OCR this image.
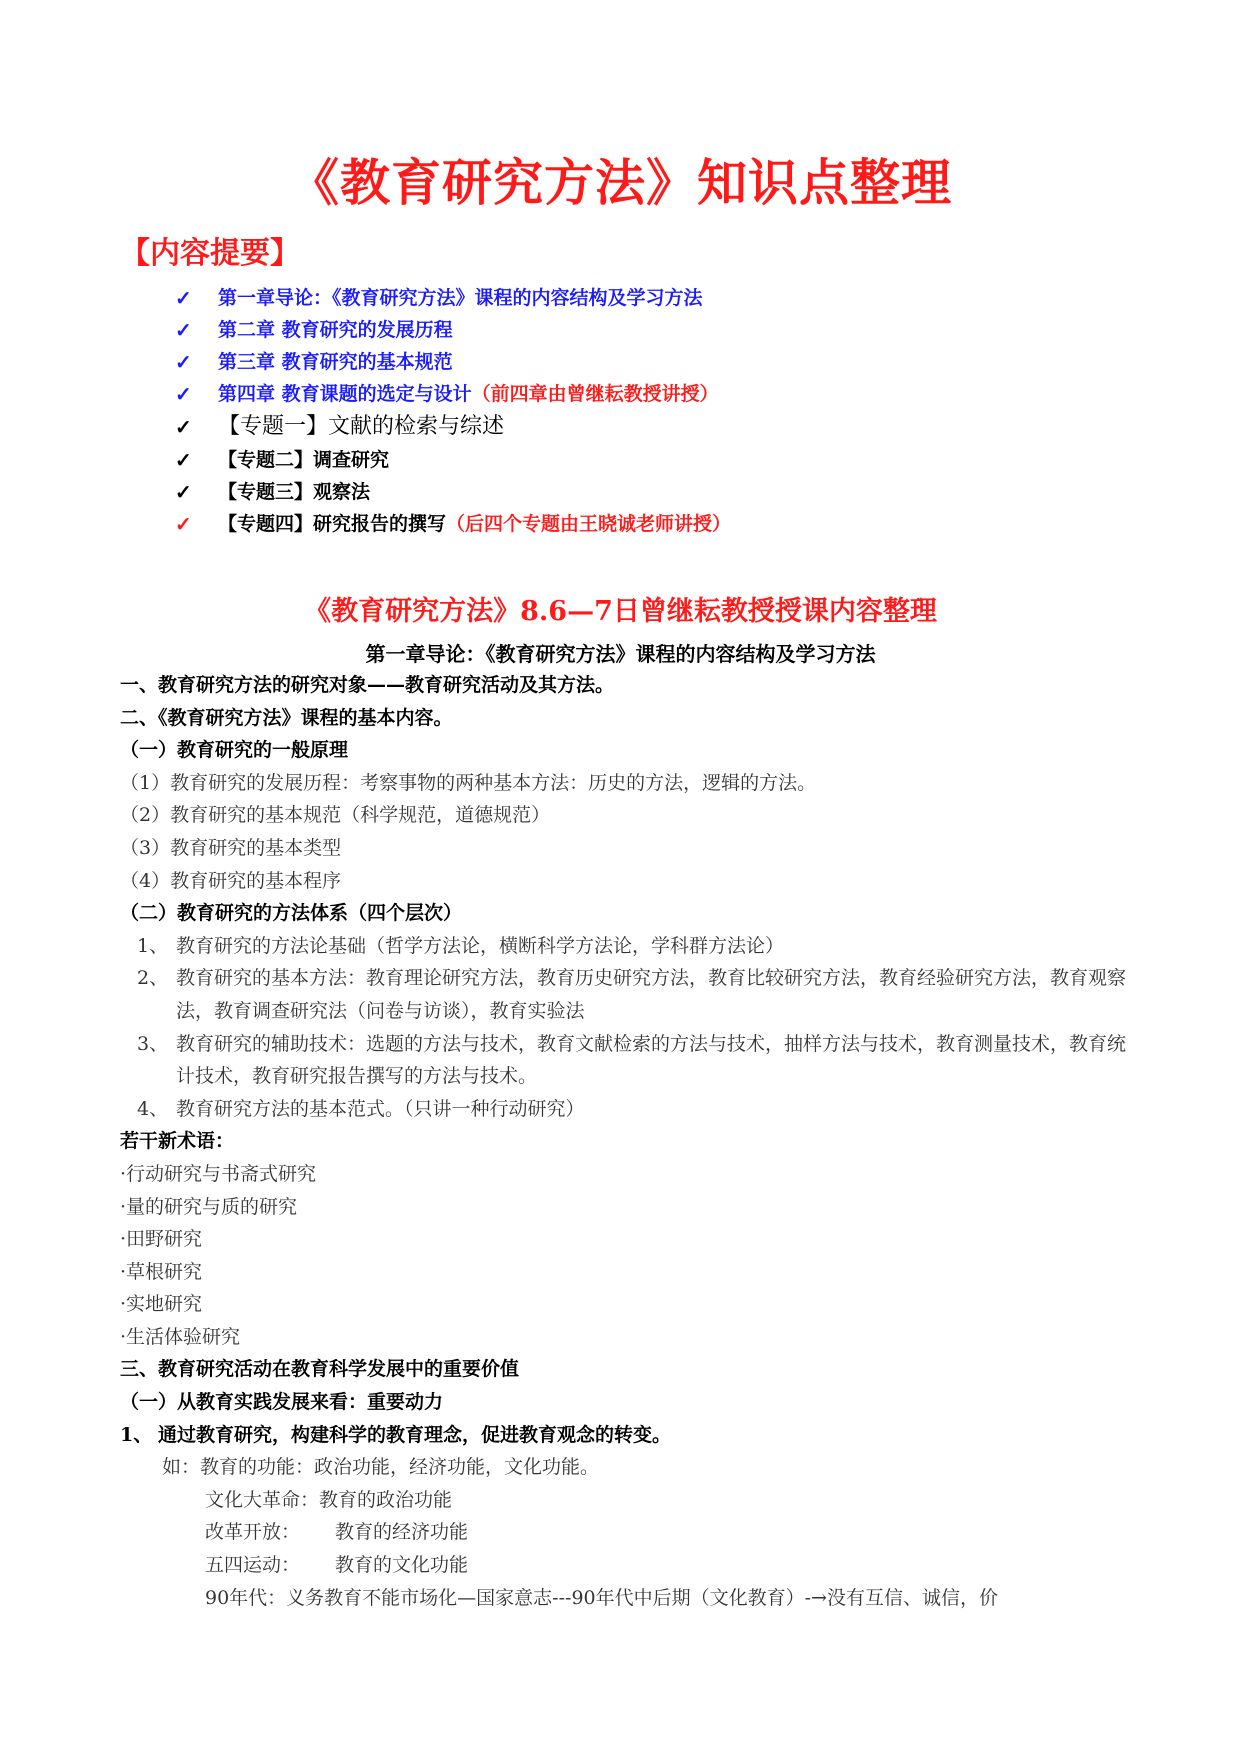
《教育研究方法》知识点整理
【内容提要】
✓	第一章导论：《教育研究方法》课程的内容结构及学习方法
✓	第二章 教育研究的发展历程
✓	第三章 教育研究的基本规范
✓	第四章 教育课题的选定与设计 （前四章由曾继耘教授讲授）
✓	【专题一】文献的检索与综述
✓	【专题二】调查研究
✓	【专题三】观察法
✓	【专题四】研究报告的撰写 （后四个专题由王晓诚老师讲授）
《教育研究方法》8.6—7日曾继耘教授授课内容整理
第一章导论：《教育研究方法》课程的内容结构及学习方法
一、教育研究方法的研究对象——教育研究活动及其方法。
二、《教育研究方法》课程的基本内容。
（一）教育研究的一般原理
（1）教育研究的发展历程：考察事物的两种基本方法：历史的方法，逻辑的方法。
（2）教育研究的基本规范（科学规范，道德规范）
（3）教育研究的基本类型
（4）教育研究的基本程序
（二）教育研究的方法体系（四个层次）
1、 教育研究的方法论基础（哲学方法论，横断科学方法论，学科群方法论）
2、 教育研究的基本方法：教育理论研究方法，教育历史研究方法，教育比较研究方法，教育经验研究方法，教育观察法，教育调查研究法（问卷与访谈），教育实验法
3、 教育研究的辅助技术：选题的方法与技术，教育文献检索的方法与技术，抽样方法与技术，教育测量技术，教育统计技术，教育研究报告撰写的方法与技术。
4、 教育研究方法的基本范式。（只讲一种行动研究）
若干新术语：
·行动研究与书斋式研究
·量的研究与质的研究
·田野研究
·草根研究
·实地研究
·生活体验研究
三、教育研究活动在教育科学发展中的重要价值
（一）从教育实践发展来看：重要动力
1、 通过教育研究，构建科学的教育理念，促进教育观念的转变。
如：教育的功能：政治功能，经济功能，文化功能。
文化大革命：教育的政治功能
改革开放： 教育的经济功能
五四运动： 教育的文化功能
90年代：义务教育不能市场化—国家意志---90年代中后期（文化教育）-→没有互信、诚信，价
